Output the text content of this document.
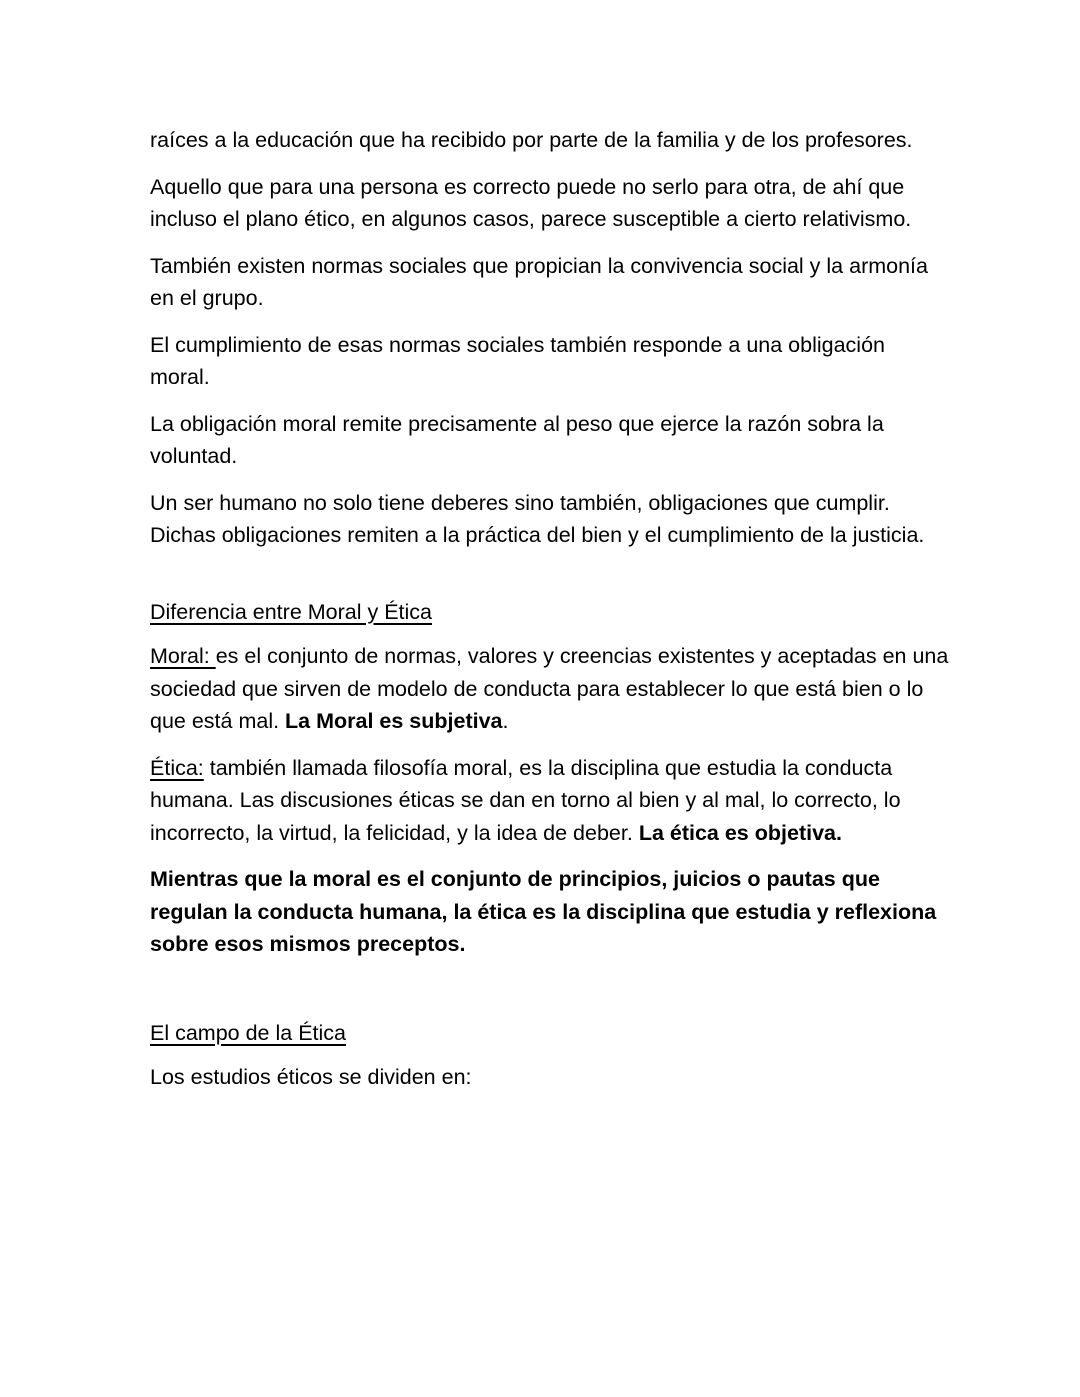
raíces a la educación que ha recibido por parte de la familia y de los profesores.

Aquello que para una persona es correcto puede no serlo para otra, de ahí que incluso el plano ético, en algunos casos, parece susceptible a cierto relativismo.

También existen normas sociales que propician la convivencia social y la armonía en el grupo.

El cumplimiento de esas normas sociales también responde a una obligación moral.

La obligación moral remite precisamente al peso que ejerce la razón sobra la voluntad.

Un ser humano no solo tiene deberes sino también, obligaciones que cumplir. Dichas obligaciones remiten a la práctica del bien y el cumplimiento de la justicia.

Diferencia entre Moral y Ética

Moral: es el conjunto de normas, valores y creencias existentes y aceptadas en una sociedad que sirven de modelo de conducta para establecer lo que está bien o lo que está mal. La Moral es subjetiva.

Ética: también llamada filosofía moral, es la disciplina que estudia la conducta humana. Las discusiones éticas se dan en torno al bien y al mal, lo correcto, lo incorrecto, la virtud, la felicidad, y la idea de deber. La ética es objetiva.

Mientras que la moral es el conjunto de principios, juicios o pautas que regulan la conducta humana, la ética es la disciplina que estudia y reflexiona sobre esos mismos preceptos.

El campo de la Ética

Los estudios éticos se dividen en:
